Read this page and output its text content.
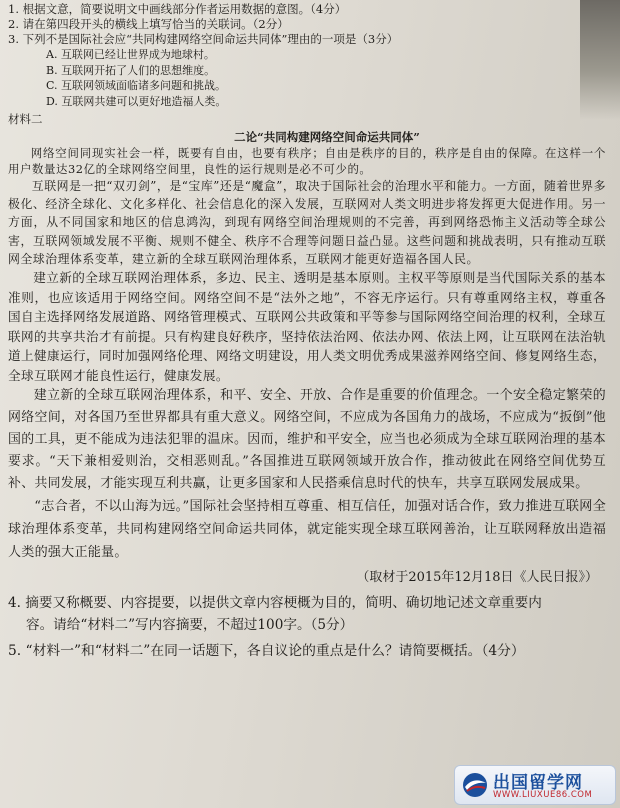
1. 根据文意，简要说明文中画线部分作者运用数据的意图。（4分）

2. 请在第四段开头的横线上填写恰当的关联词。（2分）

3. 下列不是国际社会应“共同构建网络空间命运共同体”理由的一项是（3分）

A. 互联网已经让世界成为地球村。

B. 互联网开拓了人们的思想维度。

C. 互联网领域面临诸多问题和挑战。

D. 互联网共建可以更好地造福人类。

材料二

二论“共同构建网络空间命运共同体”

网络空间同现实社会一样，既要有自由，也要有秩序；自由是秩序的目的，秩序是自由的保障。在这样一个用户数量达32亿的全球网络空间里，良性的运行规则是必不可少的。

互联网是一把“双刃剑”，是“宝库”还是“魔盒”，取决于国际社会的治理水平和能力。一方面，随着世界多极化、经济全球化、文化多样化、社会信息化的深入发展，互联网对人类文明进步将发挥更大促进作用。另一方面，从不同国家和地区的信息鸿沟，到现有网络空间治理规则的不完善，再到网络恐怖主义活动等全球公害，互联网领域发展不平衡、规则不健全、秩序不合理等问题日益凸显。这些问题和挑战表明，只有推动互联网全球治理体系变革，建立新的全球互联网治理体系，互联网才能更好造福各国人民。

建立新的全球互联网治理体系，多边、民主、透明是基本原则。主权平等原则是当代国际关系的基本准则，也应该适用于网络空间。网络空间不是“法外之地”，不容无序运行。只有尊重网络主权，尊重各国自主选择网络发展道路、网络管理模式、互联网公共政策和平等参与国际网络空间治理的权利，全球互联网的共享共治才有前提。只有构建良好秩序，坚持依法治网、依法办网、依法上网，让互联网在法治轨道上健康运行，同时加强网络伦理、网络文明建设，用人类文明优秀成果滋养网络空间、修复网络生态，全球互联网才能良性运行，健康发展。

建立新的全球互联网治理体系，和平、安全、开放、合作是重要的价值理念。一个安全稳定繁荣的网络空间，对各国乃至世界都具有重大意义。网络空间，不应成为各国角力的战场，不应成为“扳倒”他国的工具，更不能成为违法犯罪的温床。因而，维护和平安全，应当也必须成为全球互联网治理的基本要求。“天下兼相爱则治，交相恶则乱。”各国推进互联网领域开放合作，推动彼此在网络空间优势互补、共同发展，才能实现互利共赢，让更多国家和人民搭乘信息时代的快车，共享互联网发展成果。

“志合者，不以山海为远。”国际社会坚持相互尊重、相互信任，加强对话合作，致力推进互联网全球治理体系变革，共同构建网络空间命运共同体，就定能实现全球互联网善治，让互联网释放出造福人类的强大正能量。

（取材于2015年12月18日《人民日报》）

4. 摘要又称概要、内容提要，以提供文章内容梗概为目的，简明、确切地记述文章重要内
容。请给“材料二”写内容摘要，不超过100字。（5分）

5. “材料一”和“材料二”在同一话题下，各自议论的重点是什么？请简要概括。（4分）

出国留学网
WWW.LIUXUE86.COM
